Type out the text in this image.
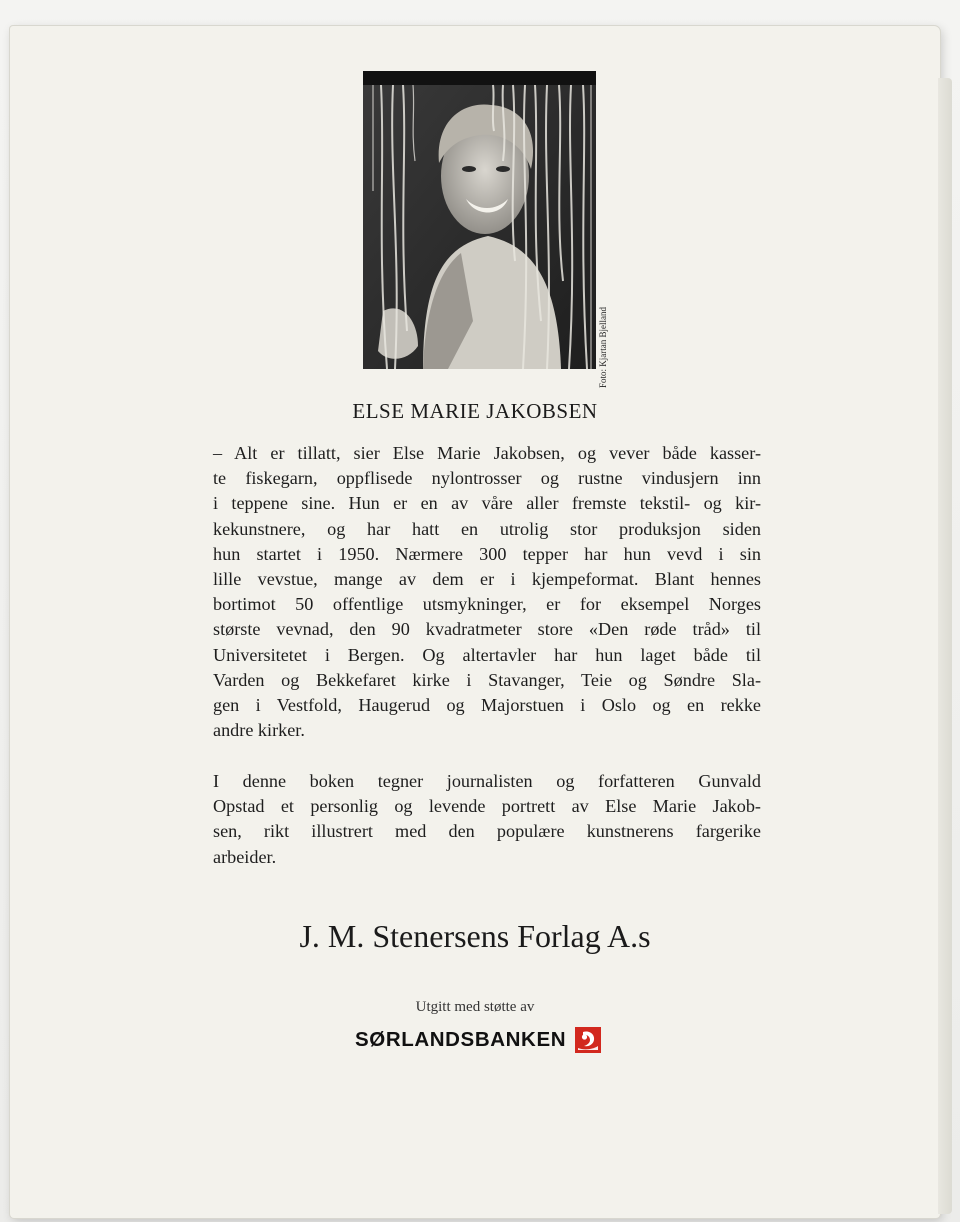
Foto: Kjartan Bjelland
ELSE MARIE JAKOBSEN
– Alt er tillatt, sier Else Marie Jakobsen, og vever både kasser-
te fiskegarn, oppflisede nylontrosser og rustne vindusjern inn
i teppene sine. Hun er en av våre aller fremste tekstil- og kir-
kekunstnere, og har hatt en utrolig stor produksjon siden
hun startet i 1950. Nærmere 300 tepper har hun vevd i sin
lille vevstue, mange av dem er i kjempeformat. Blant hennes
bortimot 50 offentlige utsmykninger, er for eksempel Norges
største vevnad, den 90 kvadratmeter store «Den røde tråd» til
Universitetet i Bergen. Og altertavler har hun laget både til
Varden og Bekkefaret kirke i Stavanger, Teie og Søndre Sla-
gen i Vestfold, Haugerud og Majorstuen i Oslo og en rekke
andre kirker.
I denne boken tegner journalisten og forfatteren Gunvald
Opstad et personlig og levende portrett av Else Marie Jakob-
sen, rikt illustrert med den populære kunstnerens fargerike
arbeider.
J. M. Stenersens Forlag A.s
Utgitt med støtte av
SØRLANDSBANKEN
